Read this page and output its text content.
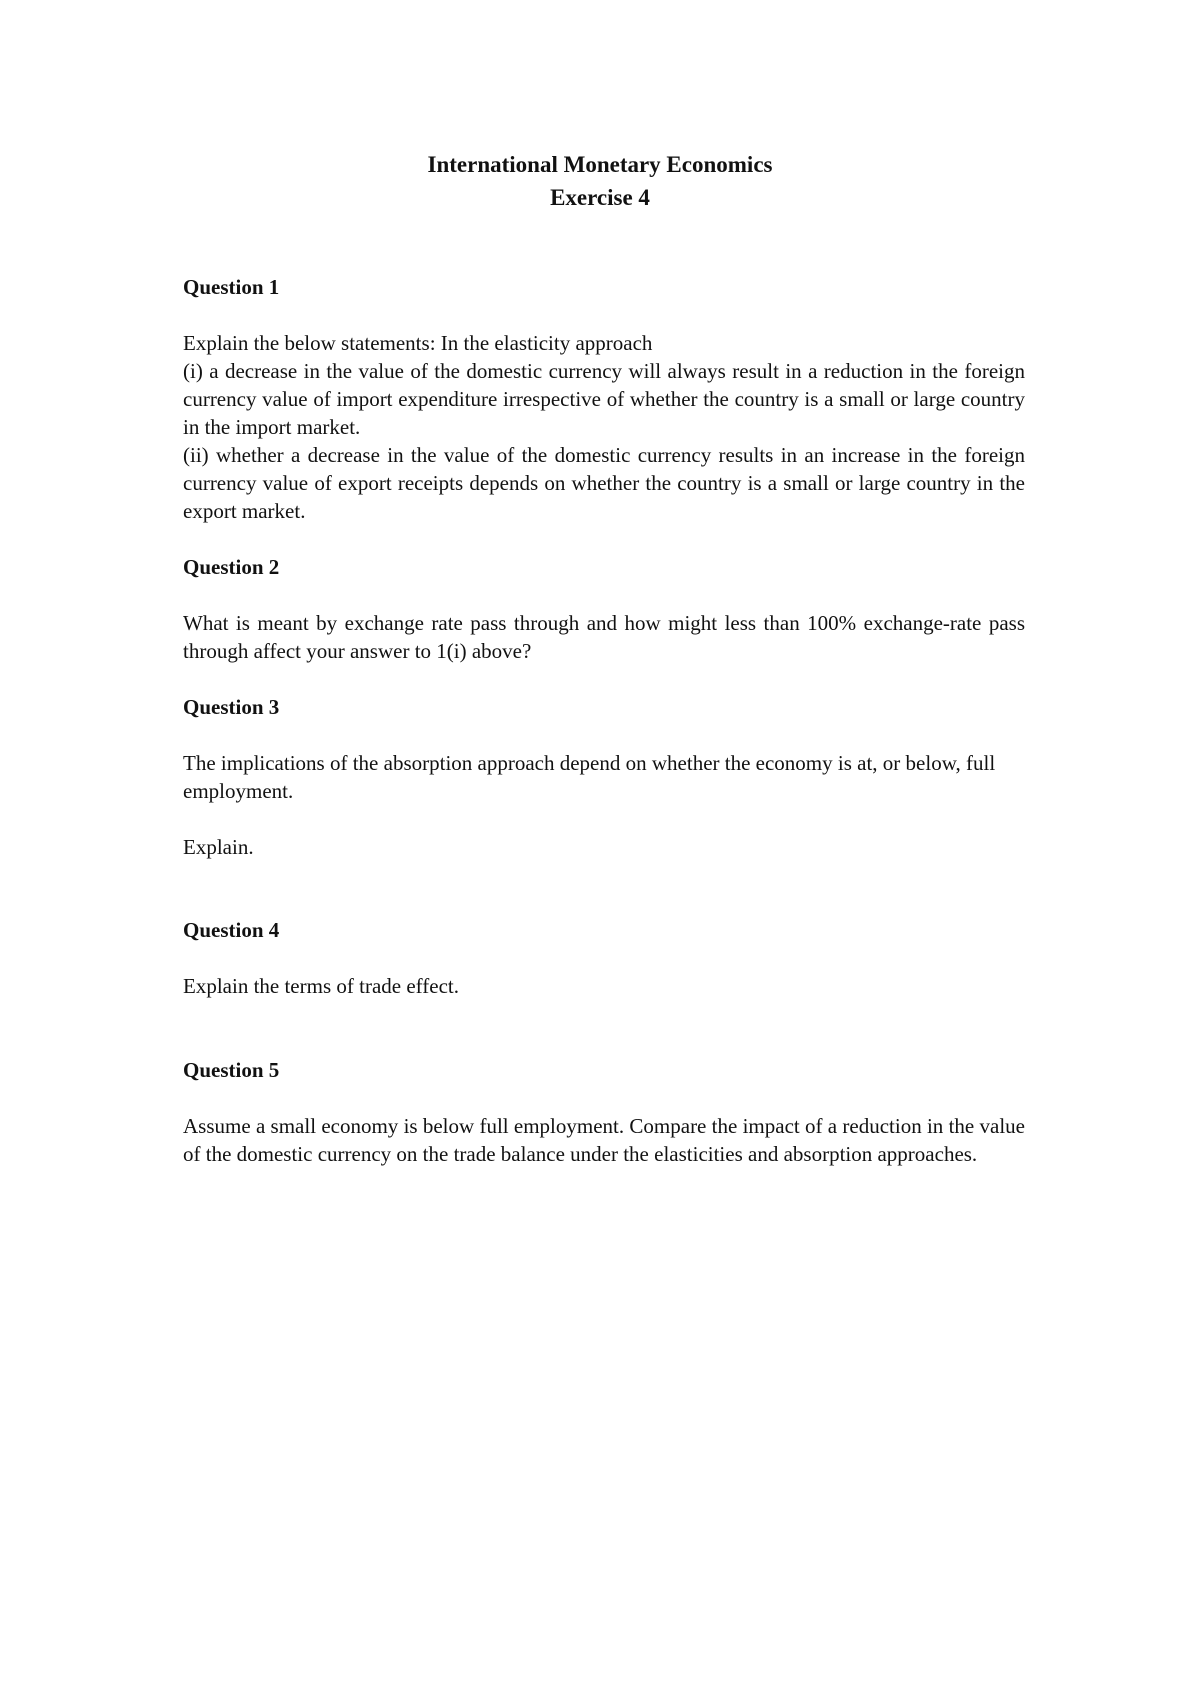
International Monetary Economics
Exercise 4
Question 1

Explain the below statements: In the elasticity approach

(i) a decrease in the value of the domestic currency will always result in a reduction in the foreign currency value of import expenditure irrespective of whether the country is a small or large country in the import market.

(ii) whether a decrease in the value of the domestic currency results in an increase in the foreign currency value of export receipts depends on whether the country is a small or large country in the export market.

Question 2

What is meant by exchange rate pass through and how might less than 100% exchange-rate pass through affect your answer to 1(i) above?

Question 3

The implications of the absorption approach depend on whether the economy is at, or below, full employment.

Explain.

Question 4

Explain the terms of trade effect.

Question 5

Assume a small economy is below full employment. Compare the impact of a reduction in the value of the domestic currency on the trade balance under the elasticities and absorption approaches.
